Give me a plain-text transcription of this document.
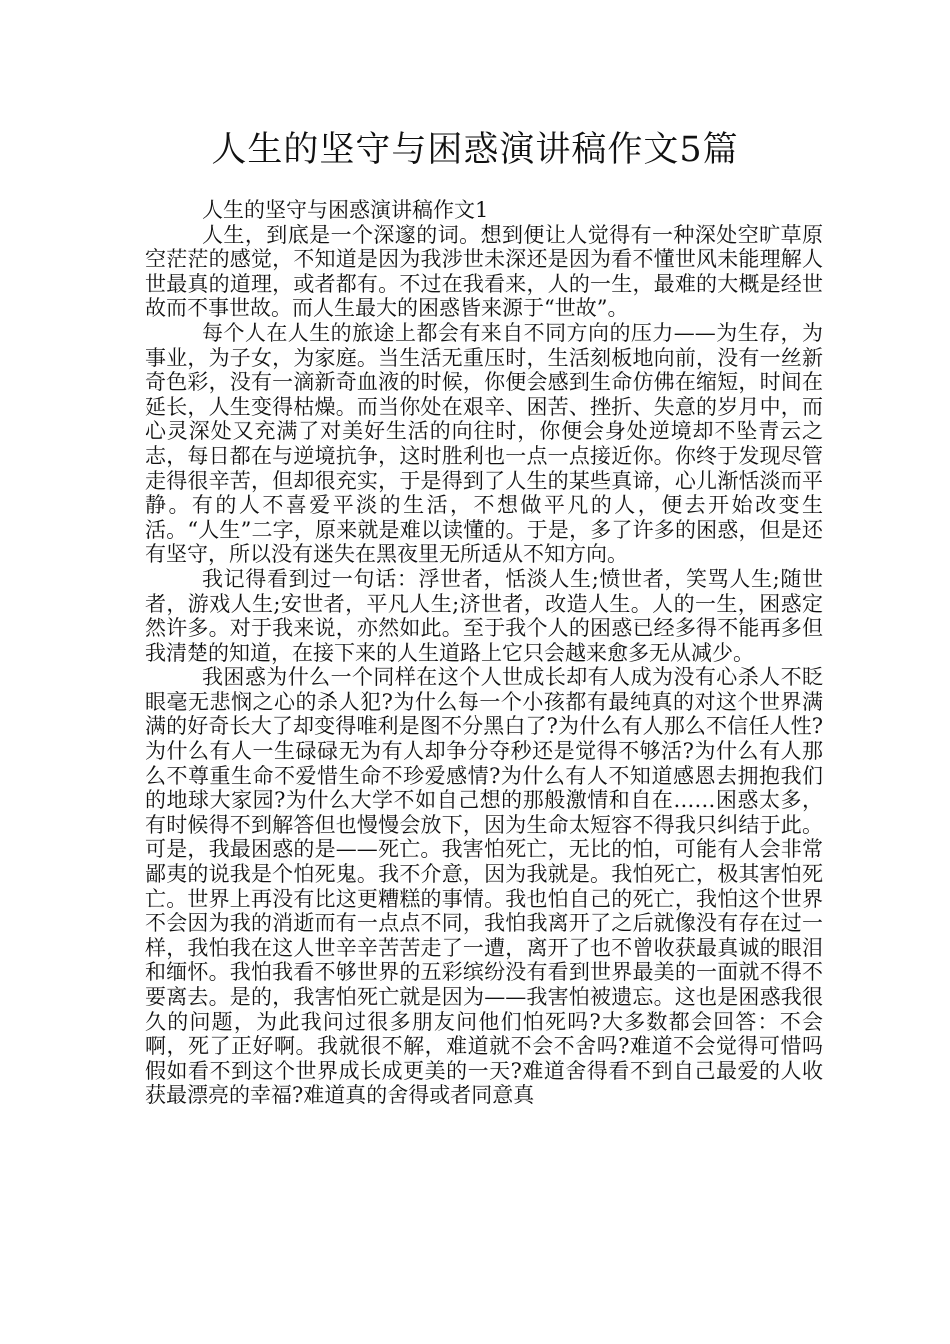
人生的坚守与困惑演讲稿作文5篇

人生的坚守与困惑演讲稿作文1

人生，到底是一个深邃的词。想到便让人觉得有一种深处空旷草原空茫茫的感觉，不知道是因为我涉世未深还是因为看不懂世风未能理解人世最真的道理，或者都有。不过在我看来，人的一生，最难的大概是经世故而不事世故。而人生最大的困惑皆来源于“世故”。

每个人在人生的旅途上都会有来自不同方向的压力——为生存，为事业，为子女，为家庭。当生活无重压时，生活刻板地向前，没有一丝新奇色彩，没有一滴新奇血液的时候，你便会感到生命仿佛在缩短，时间在延长，人生变得枯燥。而当你处在艰辛、困苦、挫折、失意的岁月中，而心灵深处又充满了对美好生活的向往时，你便会身处逆境却不坠青云之志，每日都在与逆境抗争，这时胜利也一点一点接近你。你终于发现尽管走得很辛苦，但却很充实，于是得到了人生的某些真谛，心儿渐恬淡而平静。有的人不喜爱平淡的生活，不想做平凡的人，便去开始改变生活。“人生”二字，原来就是难以读懂的。于是，多了许多的困惑，但是还有坚守，所以没有迷失在黑夜里无所适从不知方向。

我记得看到过一句话：浮世者，恬淡人生;愤世者，笑骂人生;随世者，游戏人生;安世者，平凡人生;济世者，改造人生。人的一生，困惑定然许多。对于我来说，亦然如此。至于我个人的困惑已经多得不能再多但我清楚的知道，在接下来的人生道路上它只会越来愈多无从减少。

我困惑为什么一个同样在这个人世成长却有人成为没有心杀人不眨眼毫无悲悯之心的杀人犯?为什么每一个小孩都有最纯真的对这个世界满满的好奇长大了却变得唯利是图不分黑白了?为什么有人那么不信任人性?为什么有人一生碌碌无为有人却争分夺秒还是觉得不够活?为什么有人那么不尊重生命不爱惜生命不珍爱感情?为什么有人不知道感恩去拥抱我们的地球大家园?为什么大学不如自己想的那般激情和自在……困惑太多，有时候得不到解答但也慢慢会放下，因为生命太短容不得我只纠结于此。可是，我最困惑的是——死亡。我害怕死亡，无比的怕，可能有人会非常鄙夷的说我是个怕死鬼。我不介意，因为我就是。我怕死亡，极其害怕死亡。世界上再没有比这更糟糕的事情。我也怕自己的死亡，我怕这个世界不会因为我的消逝而有一点点不同，我怕我离开了之后就像没有存在过一样，我怕我在这人世辛辛苦苦走了一遭，离开了也不曾收获最真诚的眼泪和缅怀。我怕我看不够世界的五彩缤纷没有看到世界最美的一面就不得不要离去。是的，我害怕死亡就是因为——我害怕被遗忘。这也是困惑我很久的问题，为此我问过很多朋友问他们怕死吗?大多数都会回答：不会啊，死了正好啊。我就很不解，难道就不会不舍吗?难道不会觉得可惜吗假如看不到这个世界成长成更美的一天?难道舍得看不到自己最爱的人收获最漂亮的幸福?难道真的舍得或者同意真
